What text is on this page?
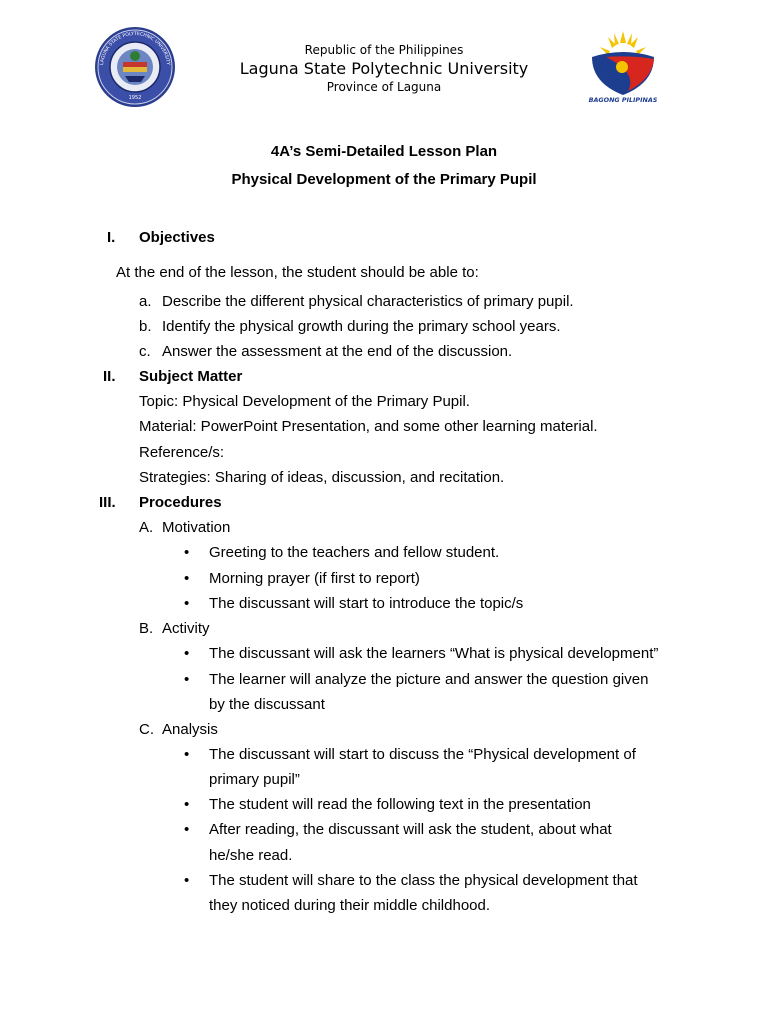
1952
LAGUNA STATE POLYTECHNIC UNIVERSITY
BAGONG PILIPINAS
Republic of the Philippines
Laguna State Polytechnic University
Province of Laguna
4A’s Semi-Detailed Lesson Plan
Physical Development of the Primary Pupil
I. Objectives
At the end of the lesson, the student should be able to:
a. Describe the different physical characteristics of primary pupil.
b. Identify the physical growth during the primary school years.
c. Answer the assessment at the end of the discussion.
II. Subject Matter
Topic: Physical Development of the Primary Pupil.
Material: PowerPoint Presentation, and some other learning material.
Reference/s:
Strategies: Sharing of ideas, discussion, and recitation.
III. Procedures
A. Motivation
• Greeting to the teachers and fellow student.
• Morning prayer (if first to report)
• The discussant will start to introduce the topic/s
B. Activity
• The discussant will ask the learners “What is physical development”
• The learner will analyze the picture and answer the question given
by the discussant
C. Analysis
• The discussant will start to discuss the “Physical development of
primary pupil”
• The student will read the following text in the presentation
• After reading, the discussant will ask the student, about what
he/she read.
• The student will share to the class the physical development that
they noticed during their middle childhood.
